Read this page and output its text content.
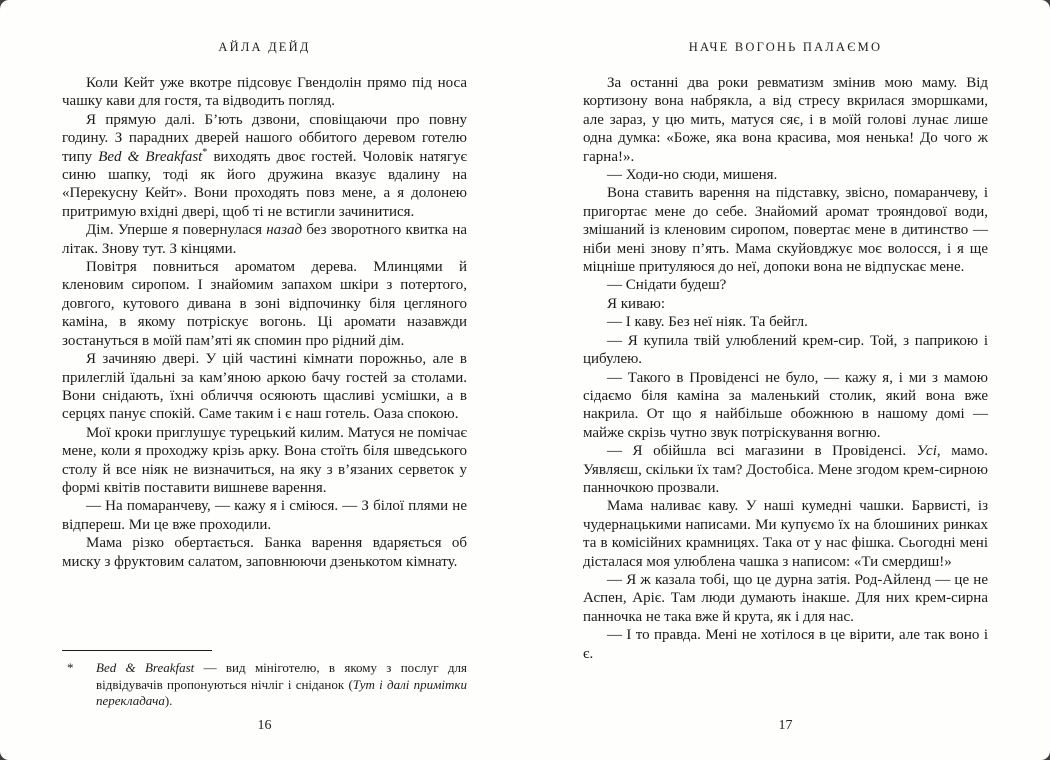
АЙЛА ДЕЙД

Коли Кейт уже вкотре підсовує Гвендолін прямо під носа чашку кави для гостя, та відводить погляд.

Я прямую далі. Б’ють дзвони, сповіщаючи про повну годину. З парадних дверей нашого оббитого деревом готелю типу Bed & Breakfast* виходять двоє гостей. Чоловік натягує синю шапку, тоді як його дружина вказує вдалину на «Перекусну Кейт». Вони проходять повз мене, а я долонею притримую вхідні двері, щоб ті не встигли зачинитися.

Дім. Уперше я повернулася назад без зворотного квитка на літак. Знову тут. З кінцями.

Повітря повниться ароматом дерева. Млинцями й кленовим сиропом. І знайомим запахом шкіри з потертого, довгого, кутового дивана в зоні відпочинку біля цегляного каміна, в якому потріскує вогонь. Ці аромати назавжди зостануться в моїй пам’яті як спомин про рідний дім.

Я зачиняю двері. У цій частині кімнати порожньо, але в прилеглій їдальні за кам’яною аркою бачу гостей за столами. Вони снідають, їхні обличчя осяюють щасливі усмішки, а в серцях панує спокій. Саме таким і є наш готель. Оаза спокою.

Мої кроки приглушує турецький килим. Матуся не помічає мене, коли я проходжу крізь арку. Вона стоїть біля шведського столу й все ніяк не визначиться, на яку з в’язаних серветок у формі квітів поставити вишневе варення.

— На помаранчеву, — кажу я і сміюся. — З білої плями не відпереш. Ми це вже проходили.

Мама різко обертається. Банка варення вдаряється об миску з фруктовим салатом, заповнюючи дзенькотом кімнату.

* Bed & Breakfast — вид мініготелю, в якому з послуг для відвідувачів пропонуються нічліг і сніданок (Тут і далі примітки перекладача).
16
НАЧЕ ВОГОНЬ ПАЛАЄМО

За останні два роки ревматизм змінив мою маму. Від кортизону вона набрякла, а від стресу вкрилася зморшками, але зараз, у цю мить, матуся сяє, і в моїй голові лунає лише одна думка: «Боже, яка вона красива, моя ненька! До чого ж гарна!».

— Ходи-но сюди, мишеня.

Вона ставить варення на підставку, звісно, помаранчеву, і пригортає мене до себе. Знайомий аромат трояндової води, змішаний із кленовим сиропом, повертає мене в дитинство — ніби мені знову п’ять. Мама скуйовджує моє волосся, і я ще міцніше притуляюся до неї, допоки вона не відпускає мене.

— Снідати будеш?

Я киваю:

— І каву. Без неї ніяк. Та бейгл.

— Я купила твій улюблений крем-сир. Той, з паприкою і цибулею.

— Такого в Провіденсі не було, — кажу я, і ми з мамою сідаємо біля каміна за маленький столик, який вона вже накрила. От що я найбільше обожнюю в нашому домі — майже скрізь чутно звук потріскування вогню.

— Я обійшла всі магазини в Провіденсі. Усі, мамо. Уявляєш, скільки їх там? Достобіса. Мене згодом крем-сирною панночкою прозвали.

Мама наливає каву. У наші кумедні чашки. Барвисті, із чудернацькими написами. Ми купуємо їх на блошиних ринках та в комісійних крамницях. Така от у нас фішка. Сьогодні мені дісталася моя улюблена чашка з написом: «Ти смердиш!»

— Я ж казала тобі, що це дурна затія. Род-Айленд — це не Аспен, Аріє. Там люди думають інакше. Для них крем-сирна панночка не така вже й крута, як і для нас.

— І то правда. Мені не хотілося в це вірити, але так воно і є.

17
